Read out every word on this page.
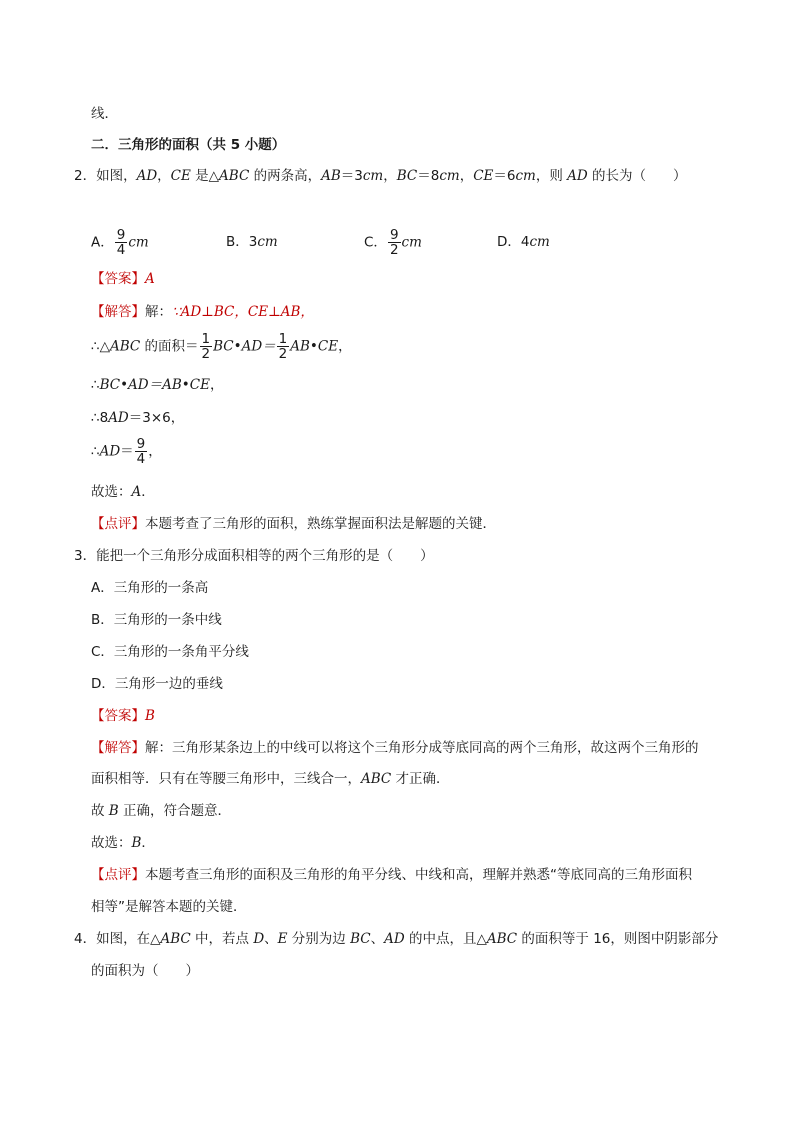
线．
二．三角形的面积（共 5 小题）
2．如图，AD，CE 是△ABC 的两条高，AB＝3cm，BC＝8cm，CE＝6cm，则 AD 的长为（　　）
A． $\frac{9}{4}$ cm	B．3cm	C． $\frac{9}{2}$ cm	D．4cm
【答案】A
【解答】解：∵AD⊥BC，CE⊥AB，
∴△ABC 的面积＝ $\frac{1}{2}$ BC•AD＝ $\frac{1}{2}$ AB•CE，
∴BC•AD＝AB•CE，
∴8AD＝3×6，
∴AD＝ $\frac{9}{4}$ ，
故选：A．
【点评】本题考查了三角形的面积，熟练掌握面积法是解题的关键．
3．能把一个三角形分成面积相等的两个三角形的是（　　）
A．三角形的一条高
B．三角形的一条中线
C．三角形的一条角平分线
D．三角形一边的垂线
【答案】B
【解答】解：三角形某条边上的中线可以将这个三角形分成等底同高的两个三角形，故这两个三角形的
面积相等．只有在等腰三角形中，三线合一，ABC 才正确．
故 B 正确，符合题意．
故选：B．
【点评】本题考查三角形的面积及三角形的角平分线、中线和高，理解并熟悉“等底同高的三角形面积
相等”是解答本题的关键．
4．如图，在△ABC 中，若点 D、E 分别为边 BC、AD 的中点，且△ABC 的面积等于 16，则图中阴影部分
的面积为（　　）
